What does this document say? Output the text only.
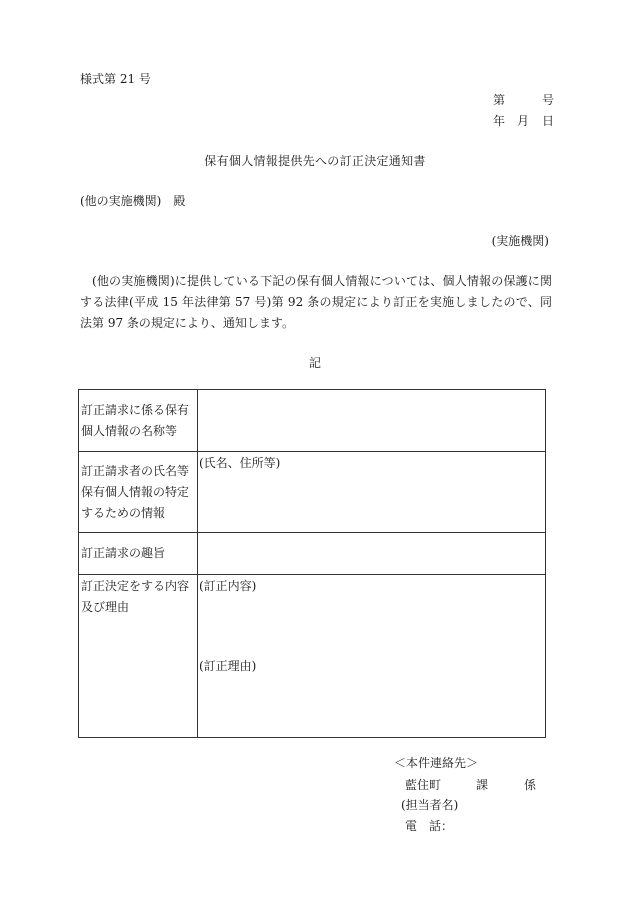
様式第 21 号
第	号
年 月 日
保有個人情報提供先への訂正決定通知書
(他の実施機関)　殿
(実施機関)
(他の実施機関)に提供している下記の保有個人情報については、個人情報の保護に関する法律(平成 15 年法律第 57 号)第 92 条の規定により訂正を実施しましたので、同法第 97 条の規定により、通知します。
記
訂正請求に係る保有個人情報の名称等	
訂正請求者の氏名等保有個人情報の特定するための情報	(氏名、住所等)
訂正請求の趣旨	
訂正決定をする内容及び理由	(訂正内容)
(訂正理由)
＜本件連絡先＞
藍住町	課	係
(担当者名)
電　話：
